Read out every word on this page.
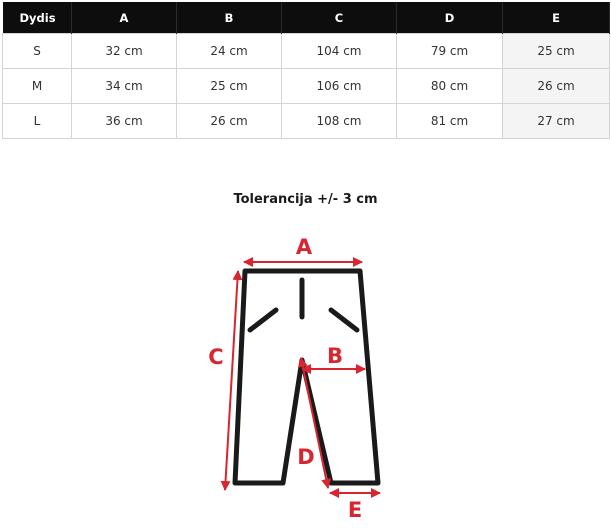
Dydis	A	B	C	D	E
S	32 cm	24 cm	104 cm	79 cm	25 cm
M	34 cm	25 cm	106 cm	80 cm	26 cm
L	36 cm	26 cm	108 cm	81 cm	27 cm
Tolerancija +/- 3 cm
A
B
C
D
E
